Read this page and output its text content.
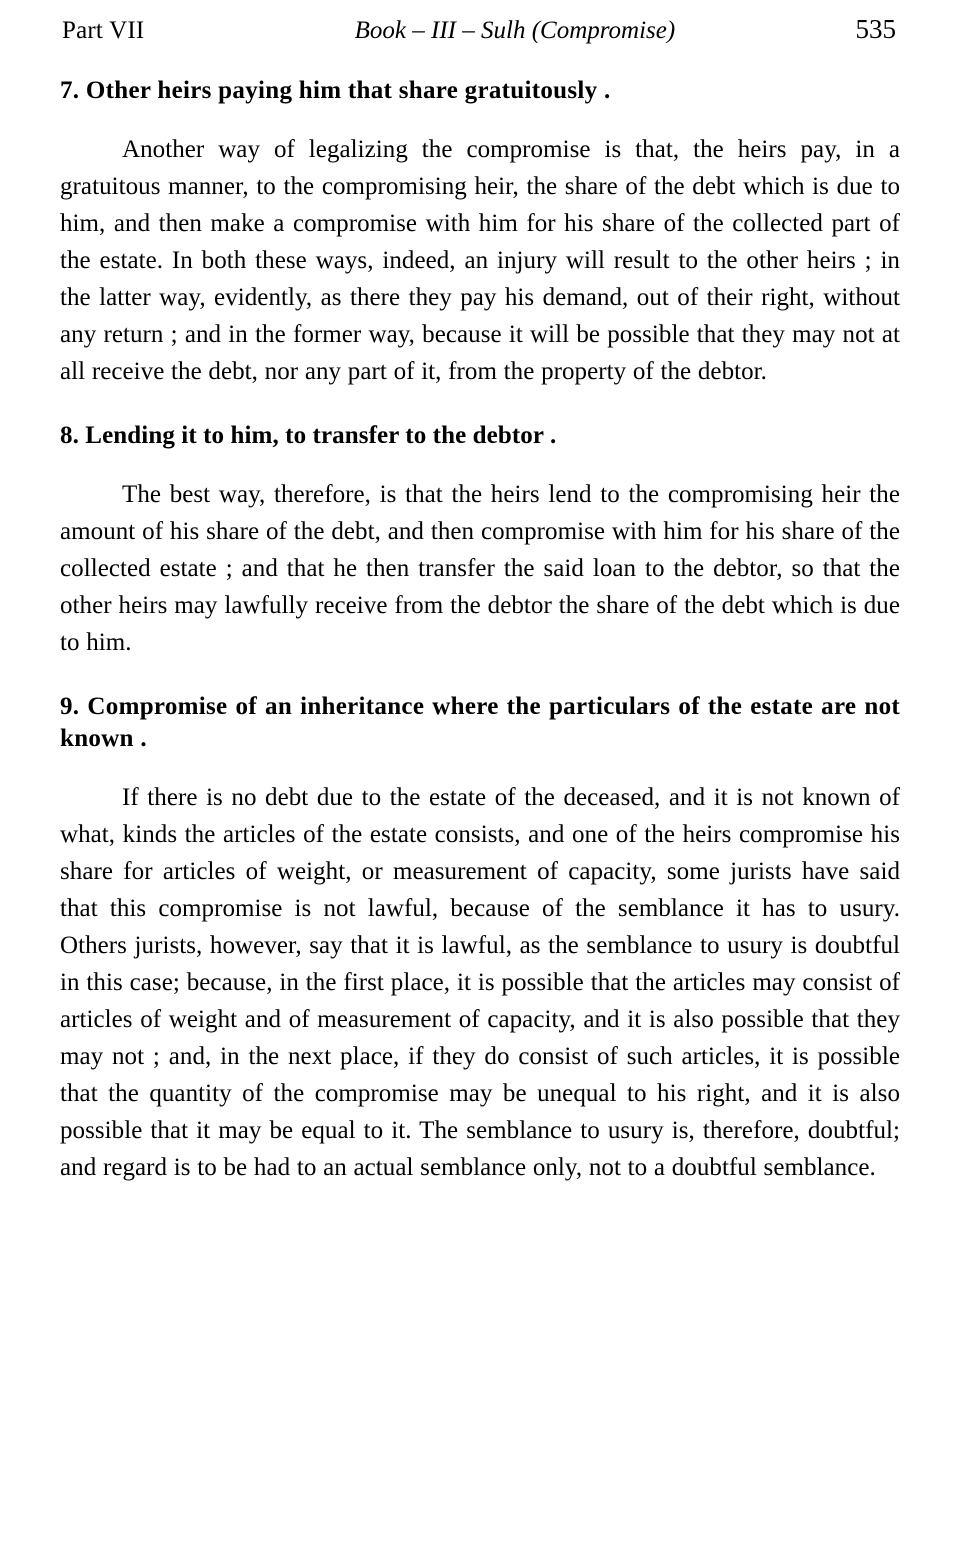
Part VII	Book – III – Sulh (Compromise)	535
7. Other heirs paying him that share gratuitously .

Another way of legalizing the compromise is that, the heirs pay, in a gratuitous manner, to the compromising heir, the share of the debt which is due to him, and then make a compromise with him for his share of the collected part of the estate. In both these ways, indeed, an injury will result to the other heirs ; in the latter way, evidently, as there they pay his demand, out of their right, without any return ; and in the former way, because it will be possible that they may not at all receive the debt, nor any part of it, from the property of the debtor.

8. Lending it to him, to transfer to the debtor .

The best way, therefore, is that the heirs lend to the compromising heir the amount of his share of the debt, and then compromise with him for his share of the collected estate ; and that he then transfer the said loan to the debtor, so that the other heirs may lawfully receive from the debtor the share of the debt which is due to him.

9. Compromise of an inheritance where the particulars of the estate are not known .

If there is no debt due to the estate of the deceased, and it is not known of what, kinds the articles of the estate consists, and one of the heirs compromise his share for articles of weight, or measurement of capacity, some jurists have said that this compromise is not lawful, because of the semblance it has to usury. Others jurists, however, say that it is lawful, as the semblance to usury is doubtful in this case; because, in the first place, it is possible that the articles may consist of articles of weight and of measurement of capacity, and it is also possible that they may not ; and, in the next place, if they do consist of such articles, it is possible that the quantity of the compromise may be unequal to his right, and it is also possible that it may be equal to it. The semblance to usury is, therefore, doubtful; and regard is to be had to an actual semblance only, not to a doubtful semblance.
